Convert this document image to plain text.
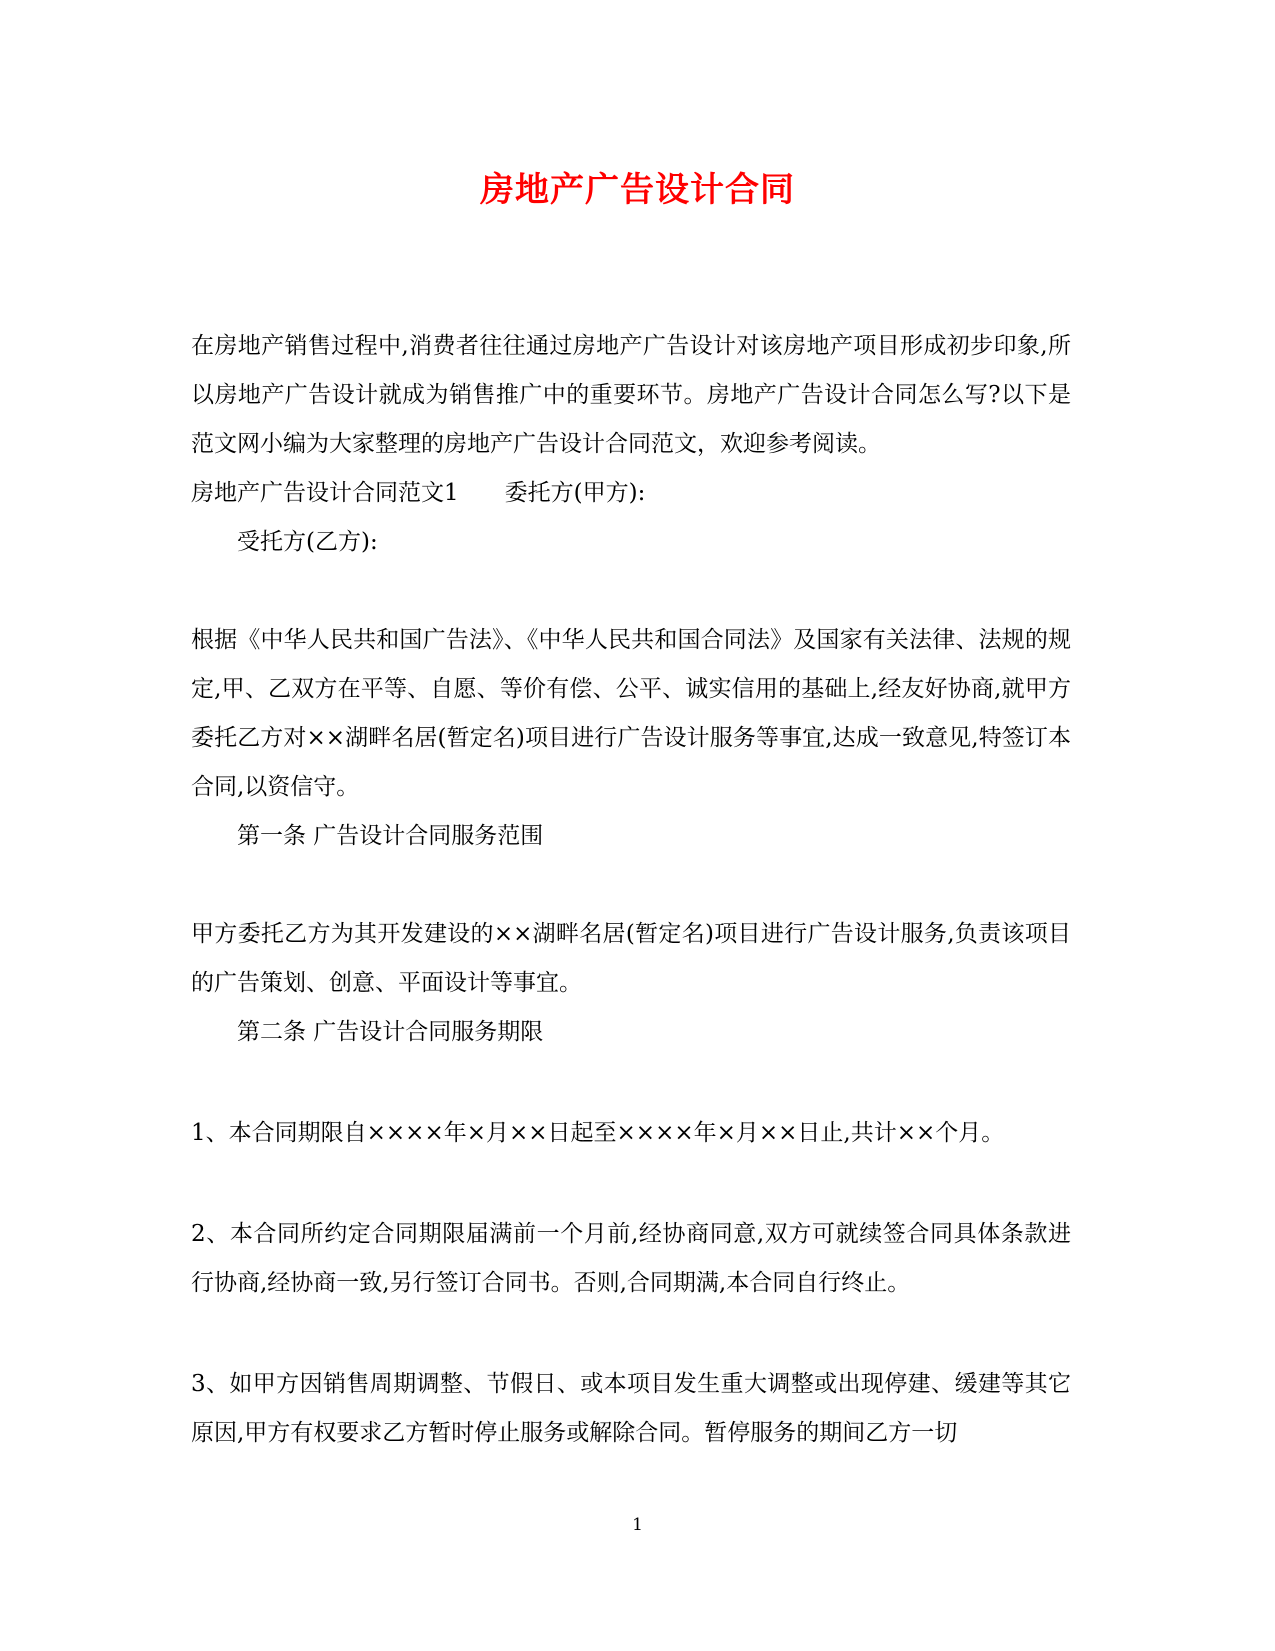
房地产广告设计合同

在房地产销售过程中,消费者往往通过房地产广告设计对该房地产项目形成初步印象,所以房地产广告设计就成为销售推广中的重要环节。房地产广告设计合同怎么写?以下是范文网小编为大家整理的房地产广告设计合同范文，欢迎参考阅读。

房地产广告设计合同范文1 委托方(甲方):

受托方(乙方):

根据《中华人民共和国广告法》、《中华人民共和国合同法》及国家有关法律、法规的规定,甲、乙双方在平等、自愿、等价有偿、公平、诚实信用的基础上,经友好协商,就甲方委托乙方对××湖畔名居(暂定名)项目进行广告设计服务等事宜,达成一致意见,特签订本合同,以资信守。

第一条 广告设计合同服务范围

甲方委托乙方为其开发建设的××湖畔名居(暂定名)项目进行广告设计服务,负责该项目的广告策划、创意、平面设计等事宜。

第二条 广告设计合同服务期限

1、本合同期限自××××年×月××日起至××××年×月××日止,共计××个月。

2、本合同所约定合同期限届满前一个月前,经协商同意,双方可就续签合同具体条款进行协商,经协商一致,另行签订合同书。否则,合同期满,本合同自行终止。

3、如甲方因销售周期调整、节假日、或本项目发生重大调整或出现停建、缓建等其它原因,甲方有权要求乙方暂时停止服务或解除合同。暂停服务的期间乙方一切

1
